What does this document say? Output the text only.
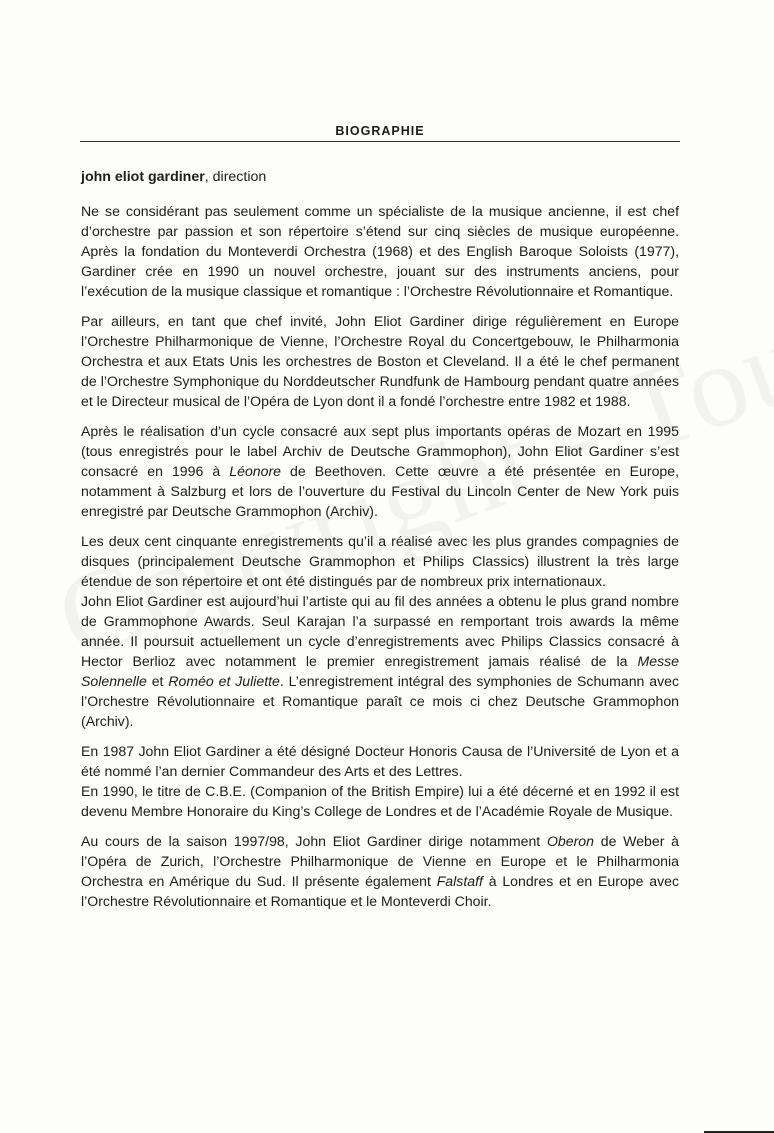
BIOGRAPHIE
john eliot gardiner, direction

Ne se considérant pas seulement comme un spécialiste de la musique ancienne, il est chef d’orchestre par passion et son répertoire s’étend sur cinq siècles de musique européenne. Après la fondation du Monteverdi Orchestra (1968) et des English Baroque Soloists (1977), Gardiner crée en 1990 un nouvel orchestre, jouant sur des instruments anciens, pour l’exécution de la musique classique et romantique : l’Orchestre Révolutionnaire et Romantique.

Par ailleurs, en tant que chef invité, John Eliot Gardiner dirige régulièrement en Europe l’Orchestre Philharmonique de Vienne, l’Orchestre Royal du Concertgebouw, le Philharmonia Orchestra et aux Etats Unis les orchestres de Boston et Cleveland. Il a été le chef permanent de l’Orchestre Symphonique du Norddeutscher Rundfunk de Hambourg pendant quatre années et le Directeur musical de l’Opéra de Lyon dont il a fondé l’orchestre entre 1982 et 1988.

Après le réalisation d’un cycle consacré aux sept plus importants opéras de Mozart en 1995 (tous enregistrés pour le label Archiv de Deutsche Grammophon), John Eliot Gardiner s’est consacré en 1996 à Léonore de Beethoven. Cette œuvre a été présentée en Europe, notamment à Salzburg et lors de l’ouverture du Festival du Lincoln Center de New York puis enregistré par Deutsche Grammophon (Archiv).

Les deux cent cinquante enregistrements qu’il a réalisé avec les plus grandes compagnies de disques (principalement Deutsche Grammophon et Philips Classics) illustrent la très large étendue de son répertoire et ont été distingués par de nombreux prix internationaux.

John Eliot Gardiner est aujourd’hui l’artiste qui au fil des années a obtenu le plus grand nombre de Grammophone Awards. Seul Karajan l’a surpassé en remportant trois awards la même année. Il poursuit actuellement un cycle d’enregistrements avec Philips Classics consacré à Hector Berlioz avec notamment le premier enregistrement jamais réalisé de la Messe Solennelle et Roméo et Juliette. L’enregistrement intégral des symphonies de Schumann avec l’Orchestre Révolutionnaire et Romantique paraît ce mois ci chez Deutsche Grammophon (Archiv).

En 1987 John Eliot Gardiner a été désigné Docteur Honoris Causa de l’Université de Lyon et a été nommé l’an dernier Commandeur des Arts et des Lettres.

En 1990, le titre de C.B.E. (Companion of the British Empire) lui a été décerné et en 1992 il est devenu Membre Honoraire du King’s College de Londres et de l’Académie Royale de Musique.

Au cours de la saison 1997/98, John Eliot Gardiner dirige notamment Oberon de Weber à l’Opéra de Zurich, l’Orchestre Philharmonique de Vienne en Europe et le Philharmonia Orchestra en Amérique du Sud. Il présente également Falstaff à Londres et en Europe avec l’Orchestre Révolutionnaire et Romantique et le Monteverdi Choir.
